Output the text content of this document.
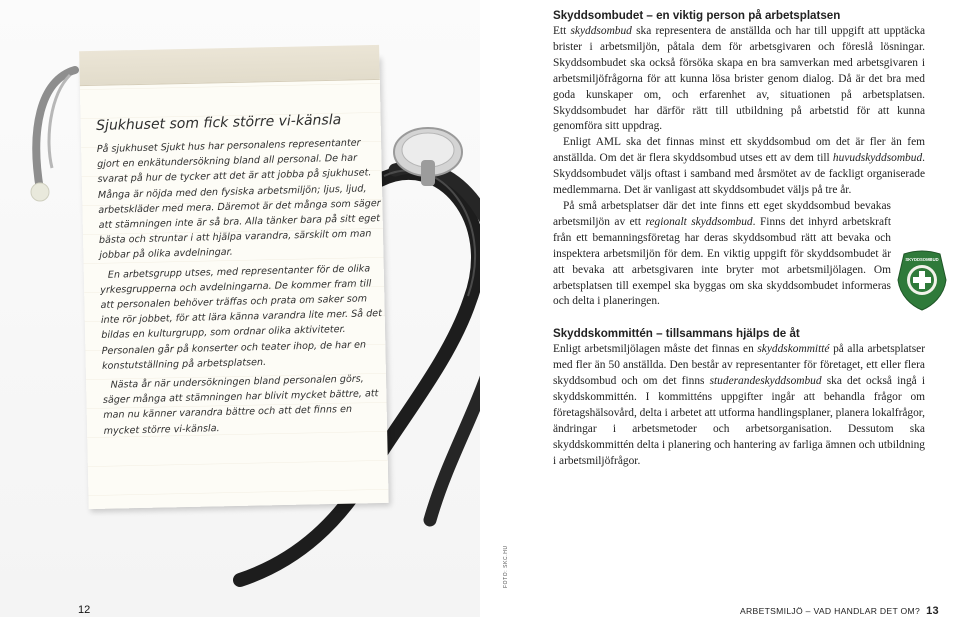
Sjukhuset som fick större vi-känsla

På sjukhuset Sjukt hus har personalens representanter gjort en enkätundersökning bland all personal. De har svarat på hur de tycker att det är att jobba på sjukhuset. Många är nöjda med den fysiska arbetsmiljön; ljus, ljud, arbetskläder med mera. Däremot är det många som säger att stämningen inte är så bra. Alla tänker bara på sitt eget bästa och struntar i att hjälpa varandra, särskilt om man jobbar på olika avdelningar.

En arbetsgrupp utses, med representanter för de olika yrkesgrupperna och avdelningarna. De kommer fram till att personalen behöver träffas och prata om saker som inte rör jobbet, för att lära känna varandra lite mer. Så det bildas en kulturgrupp, som ordnar olika aktiviteter. Personalen går på konserter och teater ihop, de har en konstutställning på arbetsplatsen.

Nästa år när undersökningen bland personalen görs, säger många att stämningen har blivit mycket bättre, att man nu känner varandra bättre och att det finns en mycket större vi-känsla.

12
FOTO: SKC.HU
Skyddsombudet – en viktig person på arbetsplatsen

Ett skyddsombud ska representera de anställda och har till uppgift att upptäcka brister i arbetsmiljön, påtala dem för arbetsgivaren och föreslå lösningar. Skyddsombudet ska också försöka skapa en bra samverkan med arbetsgivaren i arbetsmiljöfrågorna för att kunna lösa brister genom dialog. Då är det bra med goda kunskaper om, och erfarenhet av, situationen på arbetsplatsen. Skyddsombudet har därför rätt till utbildning på arbetstid för att kunna genomföra sitt uppdrag.

Enligt AML ska det finnas minst ett skyddsombud om det är fler än fem anställda. Om det är flera skyddsombud utses ett av dem till huvudskyddsombud. Skyddsombudet väljs oftast i samband med årsmötet av de fackligt organiserade medlemmarna. Det är vanligast att skyddsombudet väljs på tre år.

På små arbetsplatser där det inte finns ett eget skyddsombud bevakas arbetsmiljön av ett regionalt skyddsombud. Finns det inhyrd arbetskraft från ett bemanningsföretag har deras skyddsombud rätt att bevaka och inspektera arbetsmiljön för dem. En viktig uppgift för skyddsombudet är att bevaka att arbetsgivaren inte bryter mot arbetsmiljölagen. Om arbetsplatsen till exempel ska byggas om ska skyddsombudet informeras och delta i planeringen.

Skyddskommittén – tillsammans hjälps de åt

Enligt arbetsmiljölagen måste det finnas en skyddskommitté på alla arbetsplatser med fler än 50 anställda. Den består av representanter för företaget, ett eller flera skyddsombud och om det finns studerandeskyddsombud ska det också ingå i skyddskommittén. I kommitténs uppgifter ingår att behandla frågor om företagshälsovård, delta i arbetet att utforma handlingsplaner, planera lokalfrågor, ändringar i arbetsmetoder och arbetsorganisation. Dessutom ska skyddskommittén delta i planering och hantering av farliga ämnen och utbildning i arbetsmiljöfrågor.

SKYDDSOMBUD
ARBETSMILJÖ – VAD HANDLAR DET OM? 13
